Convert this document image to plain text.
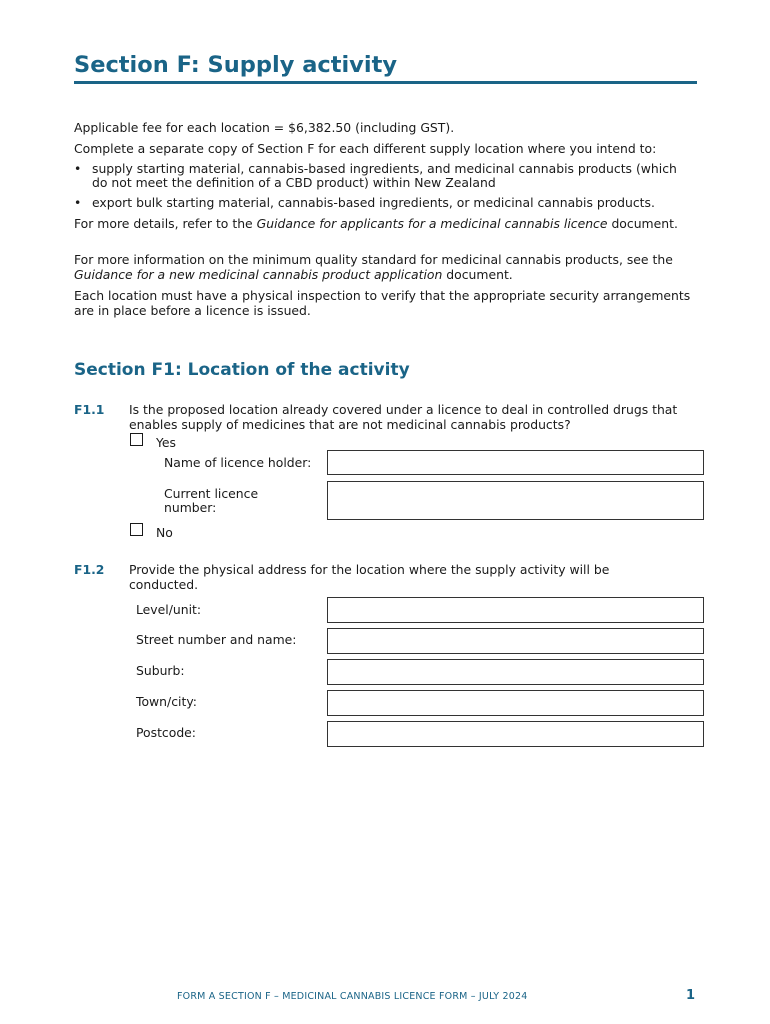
Section F: Supply activity
Applicable fee for each location = $6,382.50 (including GST).
Complete a separate copy of Section F for each different supply location where you intend to:
• supply starting material, cannabis-based ingredients, and medicinal cannabis products (which do not meet the definition of a CBD product) within New Zealand
• export bulk starting material, cannabis-based ingredients, or medicinal cannabis products.
For more details, refer to the Guidance for applicants for a medicinal cannabis licence document.
For more information on the minimum quality standard for medicinal cannabis products, see the Guidance for a new medicinal cannabis product application document.
Each location must have a physical inspection to verify that the appropriate security arrangements are in place before a licence is issued.
Section F1: Location of the activity
F1.1 Is the proposed location already covered under a licence to deal in controlled drugs that enables supply of medicines that are not medicinal cannabis products?
Yes
Name of licence holder:
Current licence number:
No
F1.2 Provide the physical address for the location where the supply activity will be conducted.
Level/unit:
Street number and name:
Suburb:
Town/city:
Postcode:
FORM A SECTION F – MEDICINAL CANNABIS LICENCE FORM – JULY 2024	1
